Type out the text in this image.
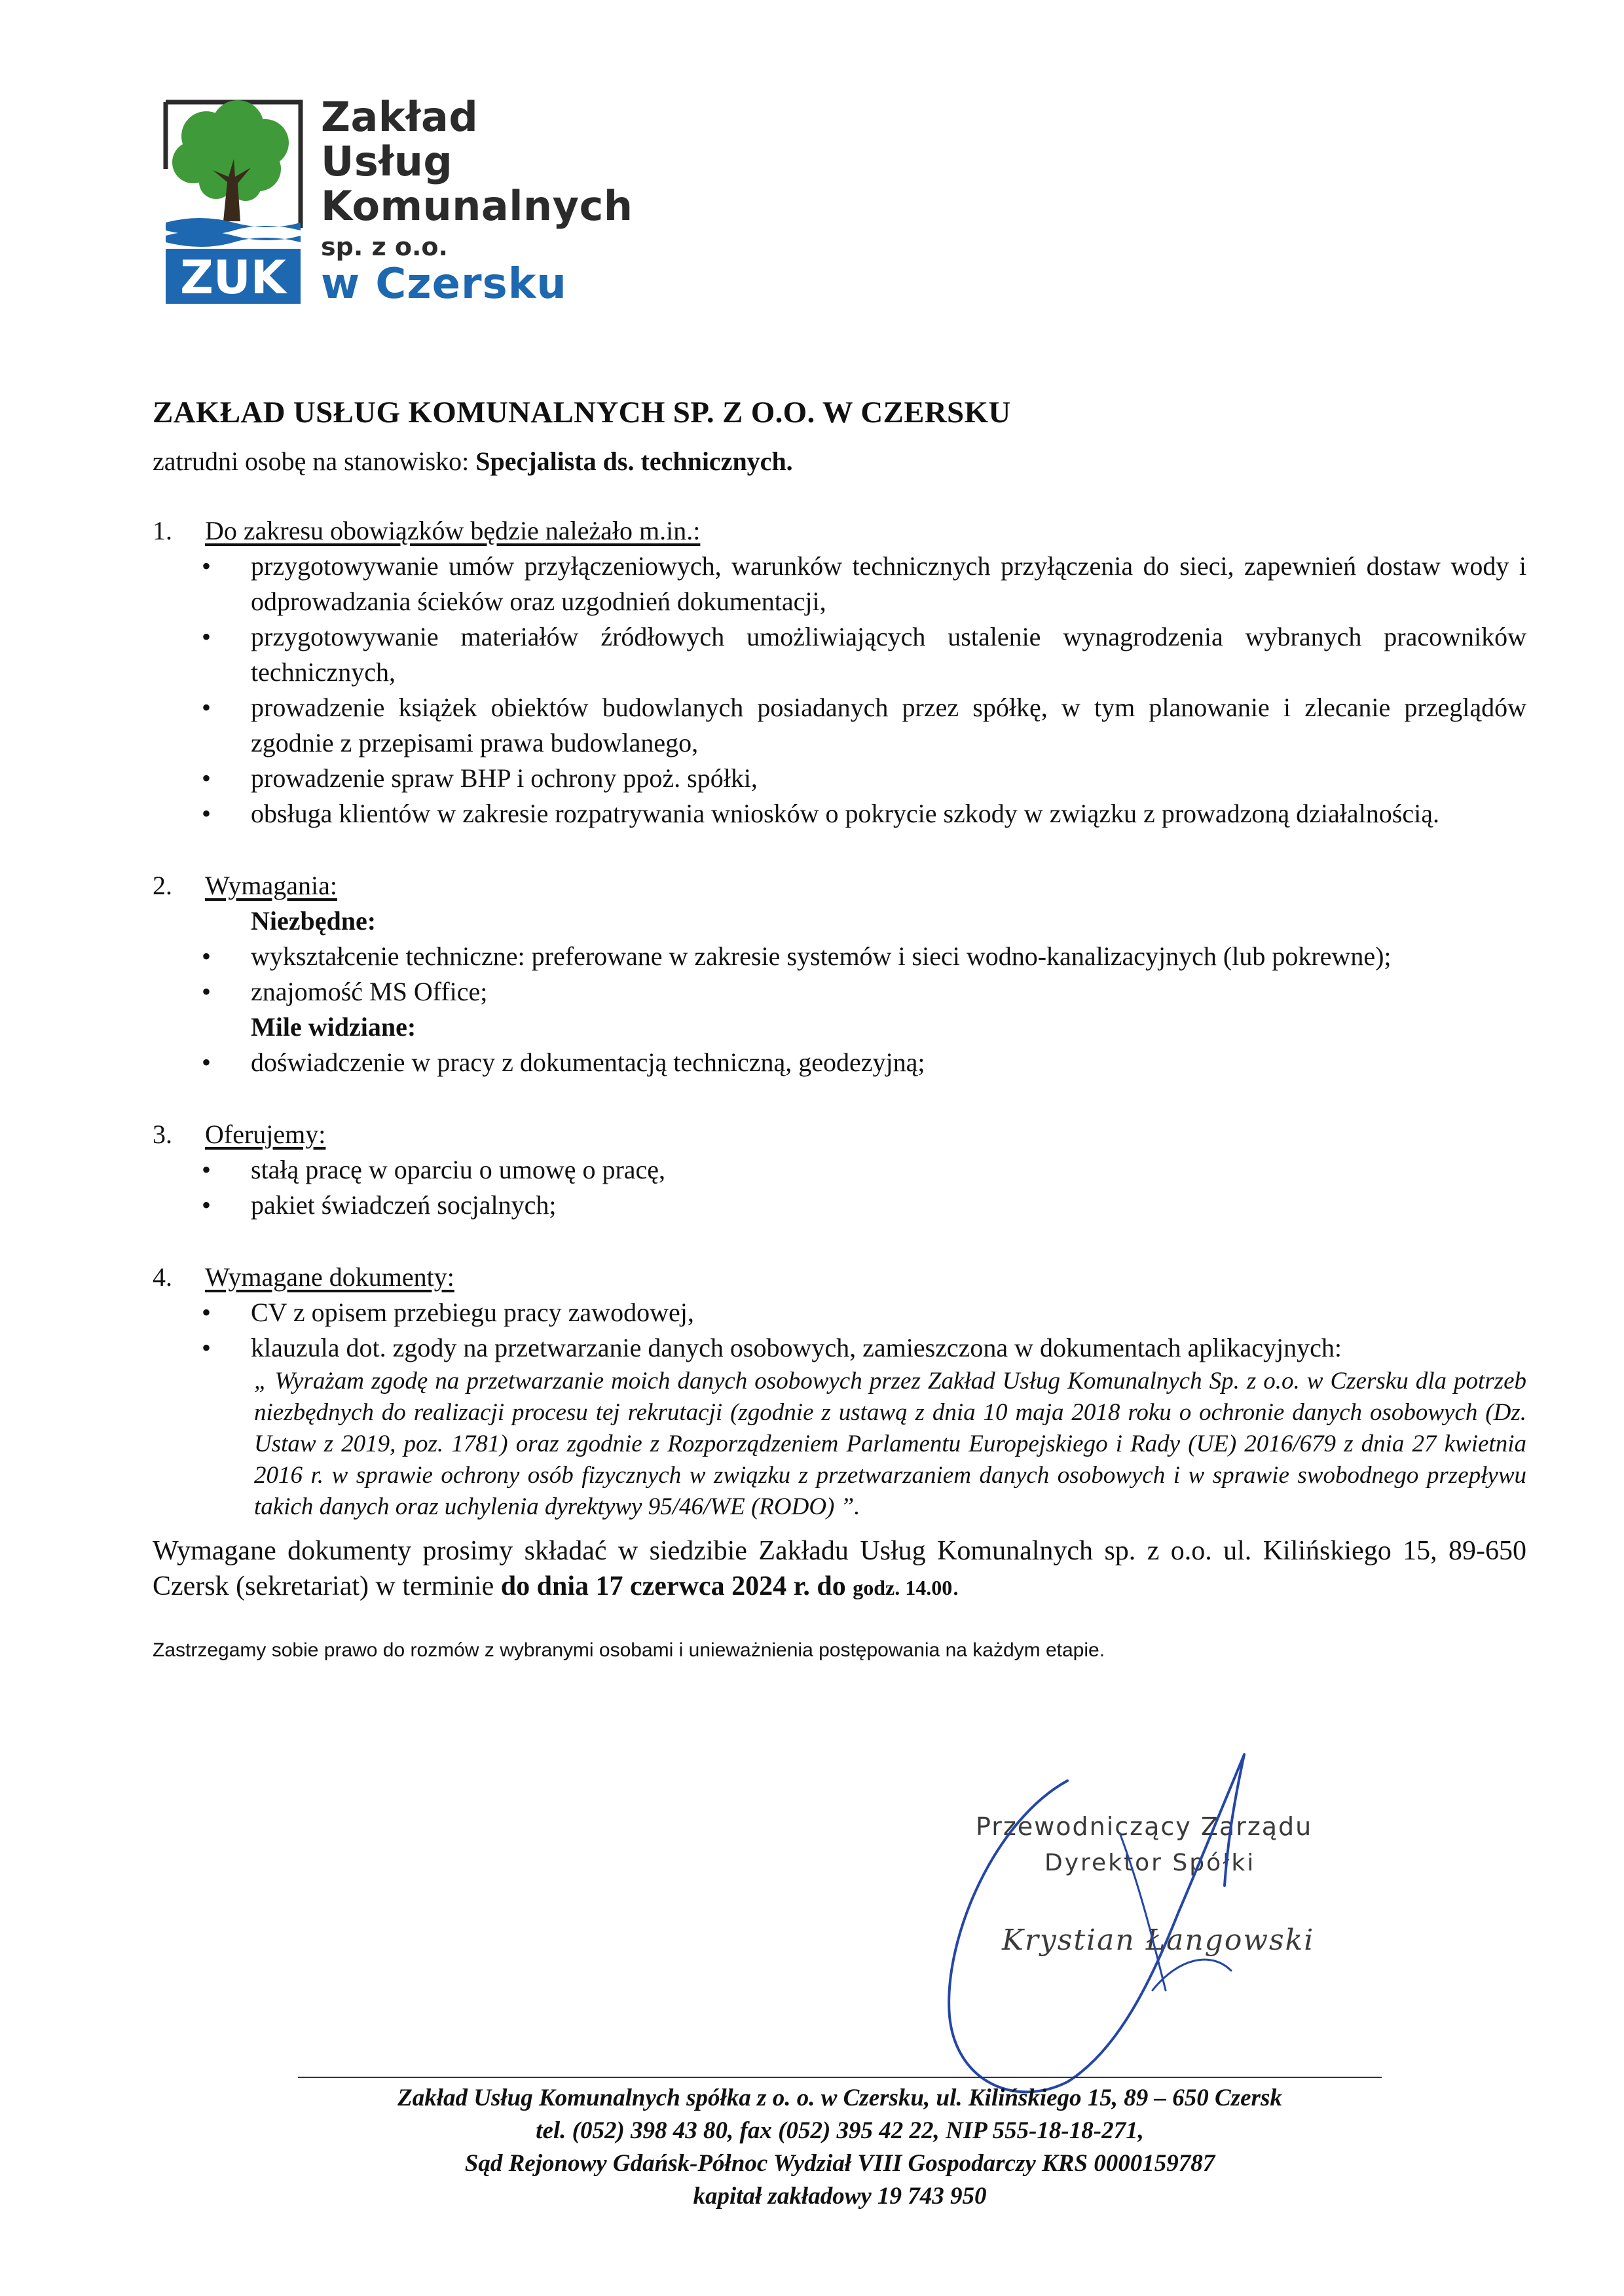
ZUK
Zakład
Usług
Komunalnych
sp. z o.o.
w Czersku
ZAKŁAD USŁUG KOMUNALNYCH SP. Z O.O. W CZERSKU

zatrudni osobę na stanowisko: Specjalista ds. technicznych.

1.	Do zakresu obowiązków będzie należało m.in.:
• przygotowywanie umów przyłączeniowych, warunków technicznych przyłączenia do sieci, zapewnień dostaw wody i odprowadzania ścieków oraz uzgodnień dokumentacji,
• przygotowywanie materiałów źródłowych umożliwiających ustalenie wynagrodzenia wybranych pracowników technicznych,
• prowadzenie książek obiektów budowlanych posiadanych przez spółkę, w tym planowanie i zlecanie przeglądów zgodnie z przepisami prawa budowlanego,
• prowadzenie spraw BHP i ochrony ppoż. spółki,
• obsługa klientów w zakresie rozpatrywania wniosków o pokrycie szkody w związku z prowadzoną działalnością.
2.	Wymagania:
Niezbędne:
• wykształcenie techniczne: preferowane w zakresie systemów i sieci wodno-kanalizacyjnych (lub pokrewne);
• znajomość MS Office;
Mile widziane:
• doświadczenie w pracy z dokumentacją techniczną, geodezyjną;
3.	Oferujemy:
• stałą pracę w oparciu o umowę o pracę,
• pakiet świadczeń socjalnych;
4.	Wymagane dokumenty:
• CV z opisem przebiegu pracy zawodowej,
• klauzula dot. zgody na przetwarzanie danych osobowych, zamieszczona w dokumentach aplikacyjnych:

„ Wyrażam zgodę na przetwarzanie moich danych osobowych przez Zakład Usług Komunalnych Sp. z o.o. w Czersku dla potrzeb niezbędnych do realizacji procesu tej rekrutacji (zgodnie z ustawą z dnia 10 maja 2018 roku o ochronie danych osobowych (Dz. Ustaw z 2019, poz. 1781) oraz zgodnie z Rozporządzeniem Parlamentu Europejskiego i Rady (UE) 2016/679 z dnia 27 kwietnia 2016 r. w sprawie ochrony osób fizycznych w związku z przetwarzaniem danych osobowych i w sprawie swobodnego przepływu takich danych oraz uchylenia dyrektywy 95/46/WE (RODO) ”.

Wymagane dokumenty prosimy składać w siedzibie Zakładu Usług Komunalnych sp. z o.o. ul. Kilińskiego 15, 89-650 Czersk (sekretariat) w terminie do dnia 17 czerwca 2024 r. do godz. 14.00.

Zastrzegamy sobie prawo do rozmów z wybranymi osobami i unieważnienia postępowania na każdym etapie.

Przewodniczący Zarządu
Dyrektor Spółki
Krystian Łangowski
Zakład Usług Komunalnych spółka z o. o. w Czersku, ul. Kilińskiego 15, 89 – 650 Czersk
tel. (052) 398 43 80, fax (052) 395 42 22, NIP 555-18-18-271,
Sąd Rejonowy Gdańsk-Północ Wydział VIII Gospodarczy KRS 0000159787
kapitał zakładowy 19 743 950
